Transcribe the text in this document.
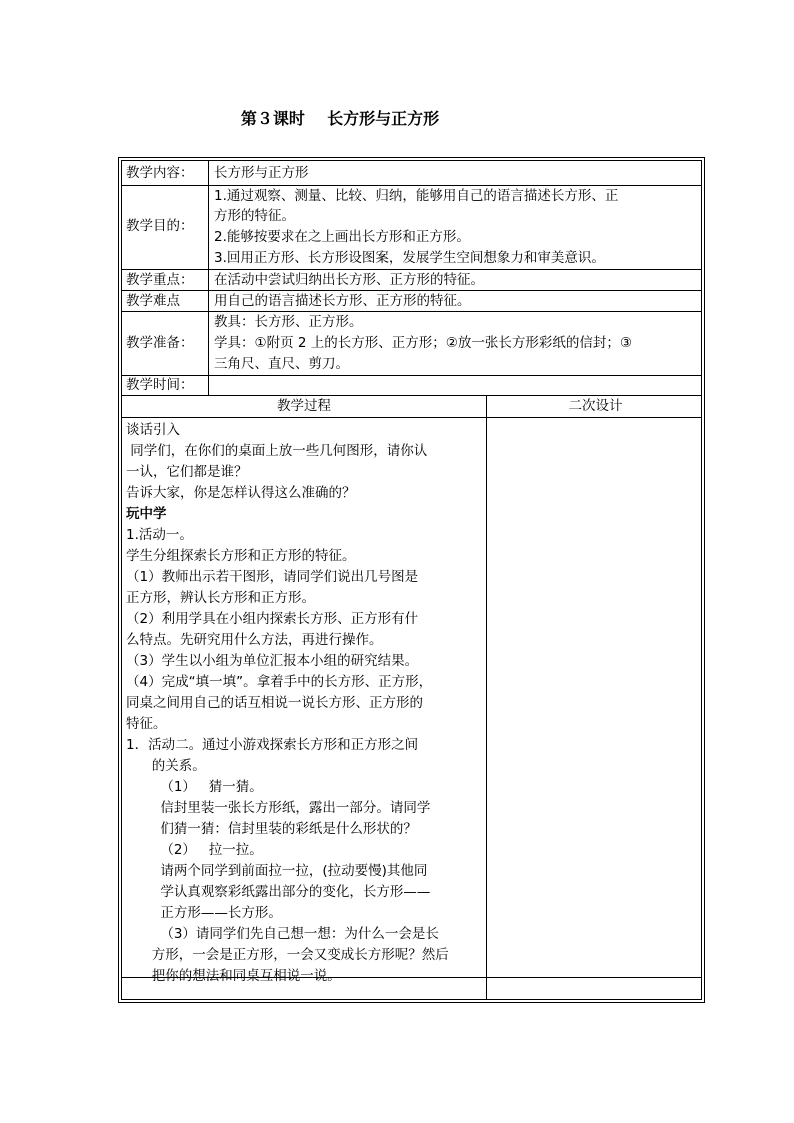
第３课时    长方形与正方形
教学内容： 长方形与正方形
教学目的：
1.通过观察、测量、比较、归纳，能够用自己的语言描述长方形、正
方形的特征。
2.能够按要求在之上画出长方形和正方形。
3.回用正方形、长方形设图案，发展学生空间想象力和审美意识。
教学重点： 在活动中尝试归纳出长方形、正方形的特征。
教学难点	用自己的语言描述长方形、正方形的特征。
教学准备：
教具：长方形、正方形。
学具：①附页 2 上的长方形、正方形；②放一张长方形彩纸的信封；③
三角尺、直尺、剪刀。
教学时间：
教学过程	二次设计
谈话引入
同学们，在你们的桌面上放一些几何图形，请你认
一认，它们都是谁？
告诉大家，你是怎样认得这么准确的？
玩中学
1.活动一。
学生分组探索长方形和正方形的特征。
（1）教师出示若干图形，请同学们说出几号图是
正方形，辨认长方形和正方形。
（2）利用学具在小组内探索长方形、正方形有什
么特点。先研究用什么方法，再进行操作。
（3）学生以小组为单位汇报本小组的研究结果。
（4）完成“填一填”。拿着手中的长方形、正方形，
同桌之间用自己的话互相说一说长方形、正方形的
特征。
1．活动二。通过小游戏探索长方形和正方形之间
的关系。
（1）   猜一猜。
信封里装一张长方形纸，露出一部分。请同学
们猜一猜：信封里装的彩纸是什么形状的？
（2）   拉一拉。
请两个同学到前面拉一拉，(拉动要慢)其他同
学认真观察彩纸露出部分的变化，长方形——
正方形——长方形。
（3）请同学们先自己想一想：为什么一会是长
方形，一会是正方形，一会又变成长方形呢？然后
把你的想法和同桌互相说一说。
